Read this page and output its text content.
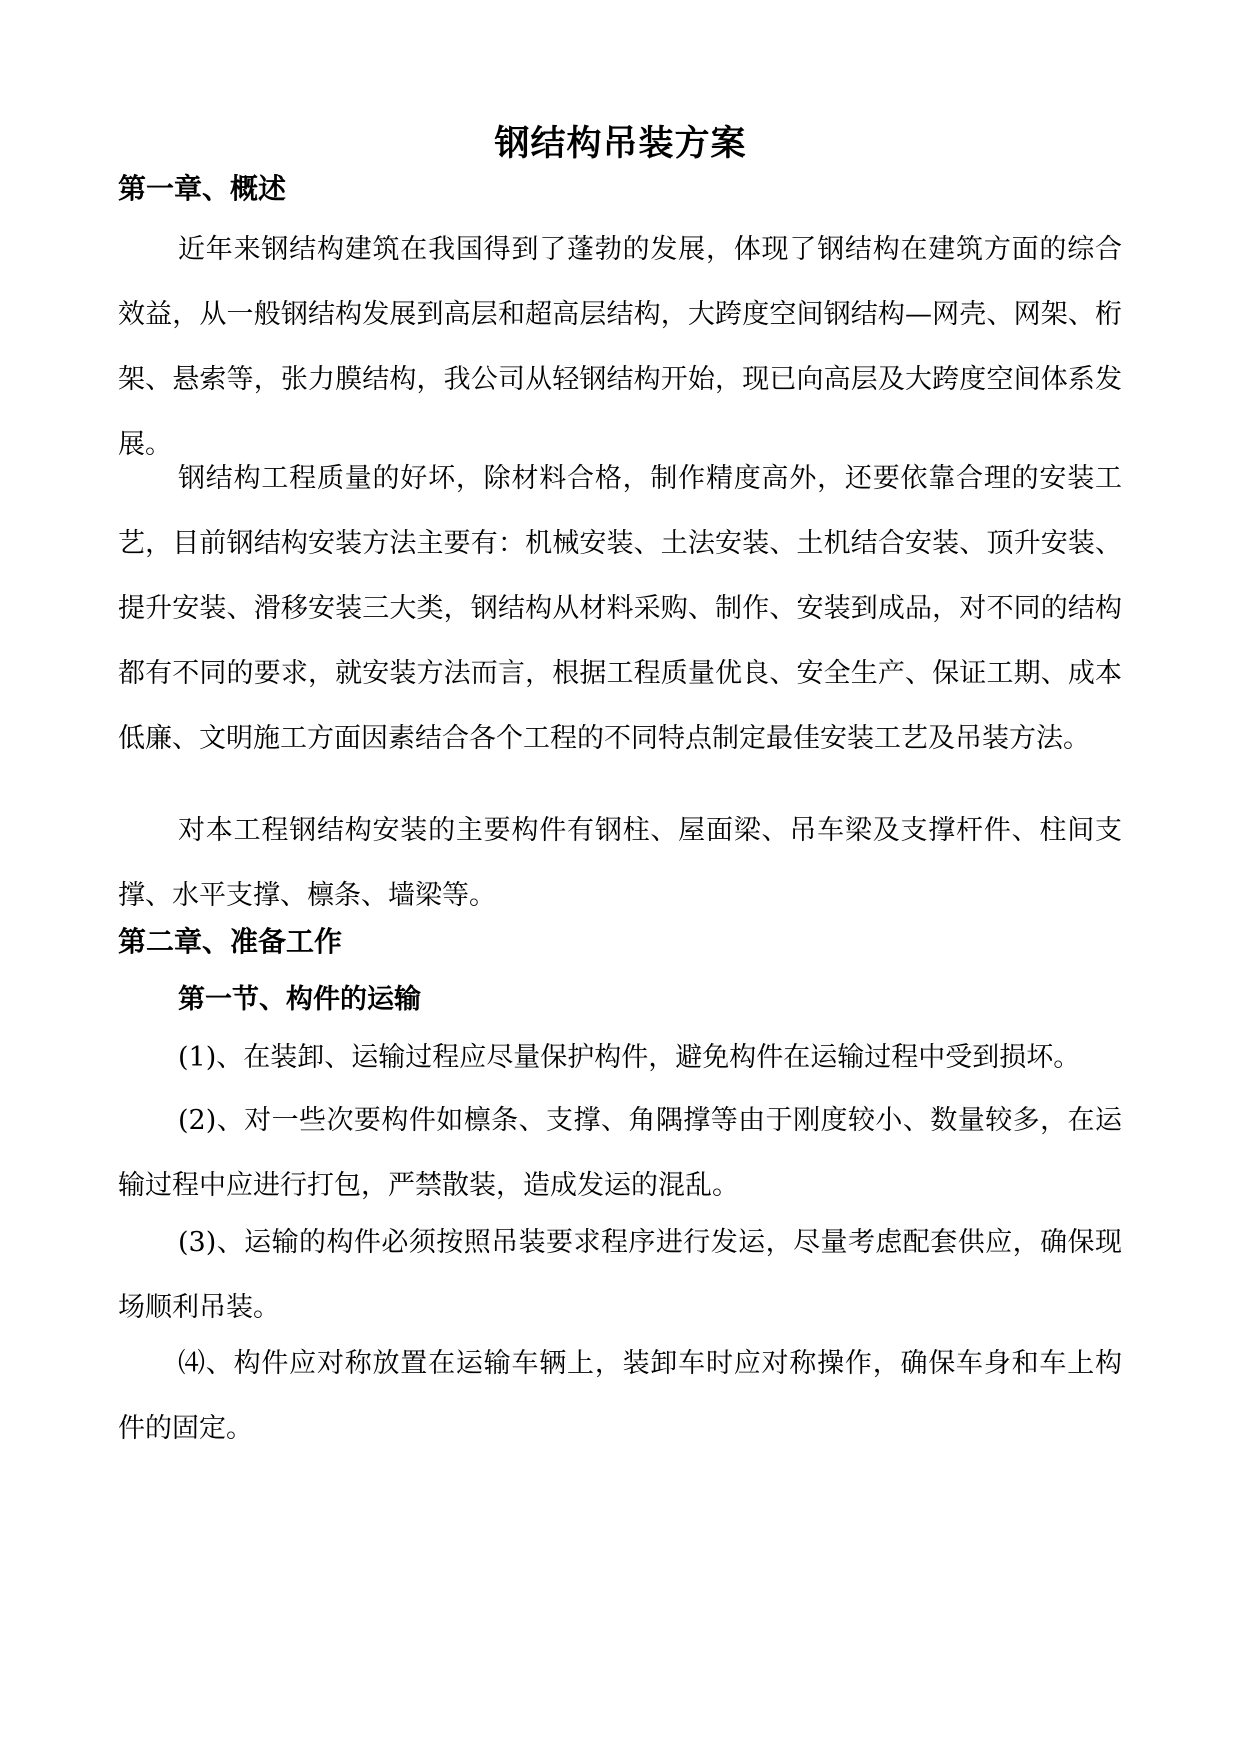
钢结构吊装方案
第一章、概述

近年来钢结构建筑在我国得到了蓬勃的发展，体现了钢结构在建筑方面的综合效益，从一般钢结构发展到高层和超高层结构，大跨度空间钢结构—网壳、网架、桁架、悬索等，张力膜结构，我公司从轻钢结构开始，现已向高层及大跨度空间体系发展。

钢结构工程质量的好坏，除材料合格，制作精度高外，还要依靠合理的安装工艺，目前钢结构安装方法主要有：机械安装、土法安装、土机结合安装、顶升安装、提升安装、滑移安装三大类，钢结构从材料采购、制作、安装到成品，对不同的结构都有不同的要求，就安装方法而言，根据工程质量优良、安全生产、保证工期、成本低廉、文明施工方面因素结合各个工程的不同特点制定最佳安装工艺及吊装方法。

对本工程钢结构安装的主要构件有钢柱、屋面梁、吊车梁及支撑杆件、柱间支撑、水平支撑、檩条、墙梁等。

第二章、准备工作
第一节、构件的运输

(1)、在装卸、运输过程应尽量保护构件，避免构件在运输过程中受到损坏。

(2)、对一些次要构件如檩条、支撑、角隅撑等由于刚度较小、数量较多，在运输过程中应进行打包，严禁散装，造成发运的混乱。

(3)、运输的构件必须按照吊装要求程序进行发运，尽量考虑配套供应，确保现场顺利吊装。

⑷、构件应对称放置在运输车辆上，装卸车时应对称操作，确保车身和车上构件的固定。
